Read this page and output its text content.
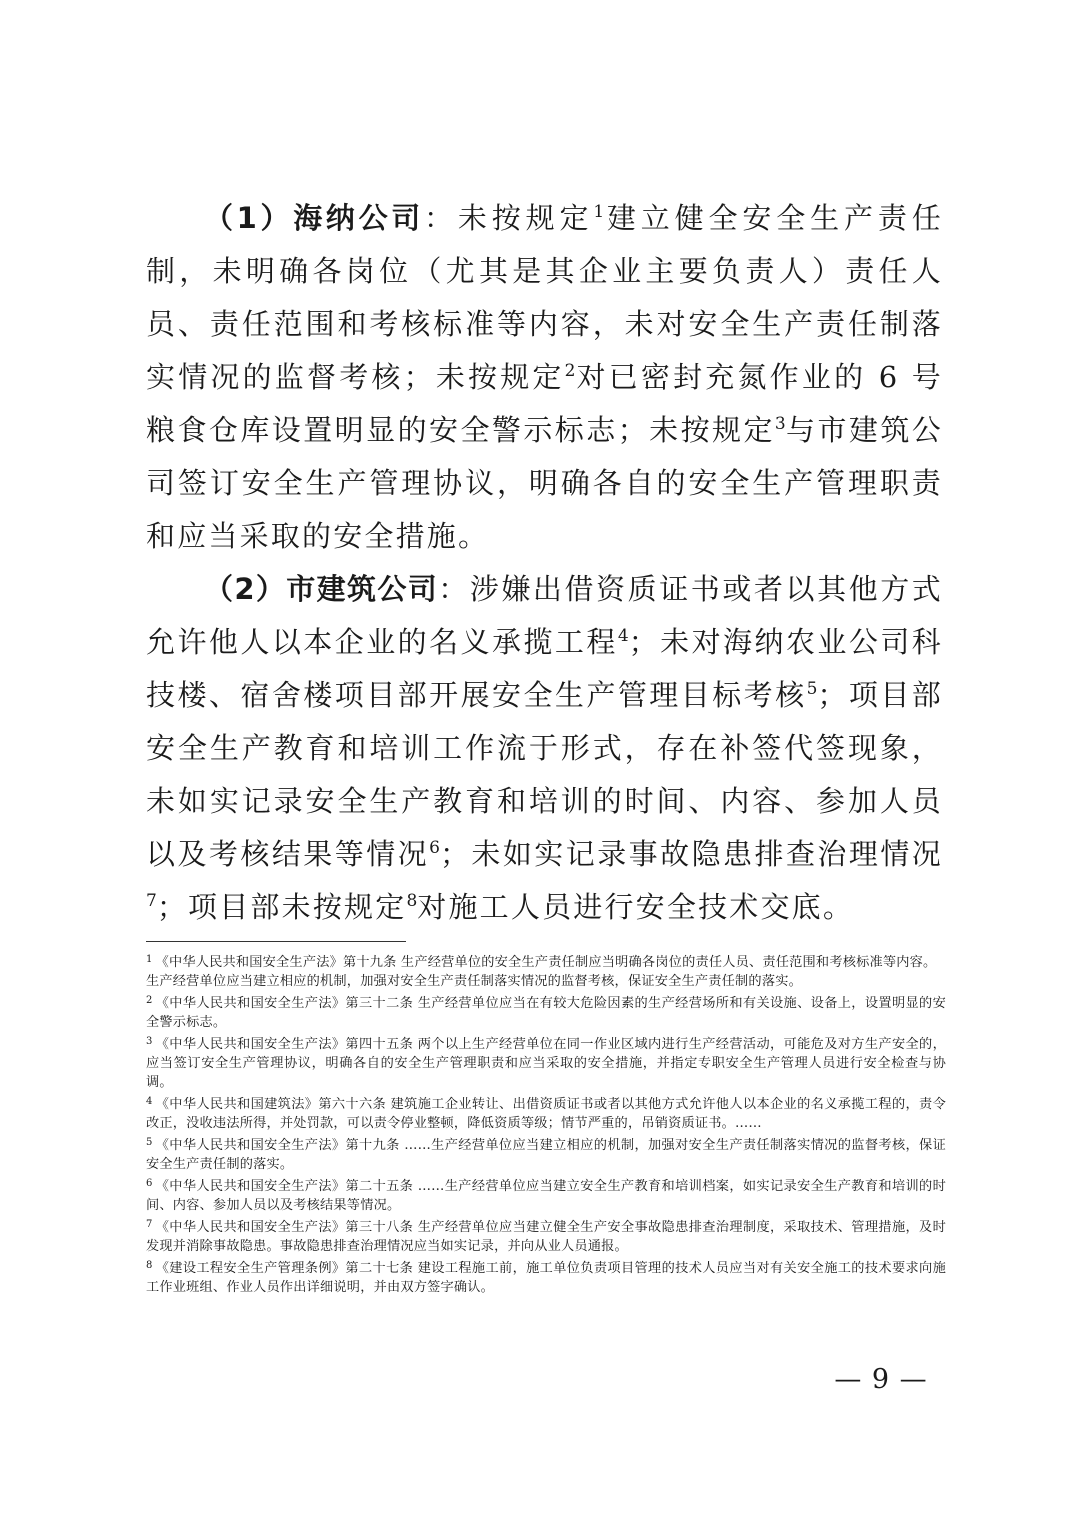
（1）海纳公司：未按规定$^1$建立健全安全生产责任制，未明确各岗位（尤其是其企业主要负责人）责任人员、责任范围和考核标准等内容，未对安全生产责任制落实情况的监督考核；未按规定$^2$对已密封充氮作业的 6 号粮食仓库设置明显的安全警示标志；未按规定$^3$与市建筑公司签订安全生产管理协议，明确各自的安全生产管理职责和应当采取的安全措施。

（2）市建筑公司：涉嫌出借资质证书或者以其他方式允许他人以本企业的名义承揽工程$^4$；未对海纳农业公司科技楼、宿舍楼项目部开展安全生产管理目标考核$^5$；项目部安全生产教育和培训工作流于形式，存在补签代签现象，未如实记录安全生产教育和培训的时间、内容、参加人员以及考核结果等情况$^6$；未如实记录事故隐患排查治理情况$^7$；项目部未按规定$^8$对施工人员进行安全技术交底。

$^1$ 《中华人民共和国安全生产法》第十九条 生产经营单位的安全生产责任制应当明确各岗位的责任人员、责任范围和考核标准等内容。

生产经营单位应当建立相应的机制，加强对安全生产责任制落实情况的监督考核，保证安全生产责任制的落实。

$^2$ 《中华人民共和国安全生产法》第三十二条 生产经营单位应当在有较大危险因素的生产经营场所和有关设施、设备上，设置明显的安全警示标志。

$^3$ 《中华人民共和国安全生产法》第四十五条 两个以上生产经营单位在同一作业区域内进行生产经营活动，可能危及对方生产安全的，应当签订安全生产管理协议，明确各自的安全生产管理职责和应当采取的安全措施，并指定专职安全生产管理人员进行安全检查与协调。

$^4$ 《中华人民共和国建筑法》第六十六条 建筑施工企业转让、出借资质证书或者以其他方式允许他人以本企业的名义承揽工程的，责令改正，没收违法所得，并处罚款，可以责令停业整顿，降低资质等级；情节严重的，吊销资质证书。……

$^5$ 《中华人民共和国安全生产法》第十九条 ……生产经营单位应当建立相应的机制，加强对安全生产责任制落实情况的监督考核，保证安全生产责任制的落实。

$^6$ 《中华人民共和国安全生产法》第二十五条 ……生产经营单位应当建立安全生产教育和培训档案，如实记录安全生产教育和培训的时间、内容、参加人员以及考核结果等情况。

$^7$ 《中华人民共和国安全生产法》第三十八条 生产经营单位应当建立健全生产安全事故隐患排查治理制度，采取技术、管理措施，及时发现并消除事故隐患。事故隐患排查治理情况应当如实记录，并向从业人员通报。

$^8$ 《建设工程安全生产管理条例》第二十七条 建设工程施工前，施工单位负责项目管理的技术人员应当对有关安全施工的技术要求向施工作业班组、作业人员作出详细说明，并由双方签字确认。

— 9 —
